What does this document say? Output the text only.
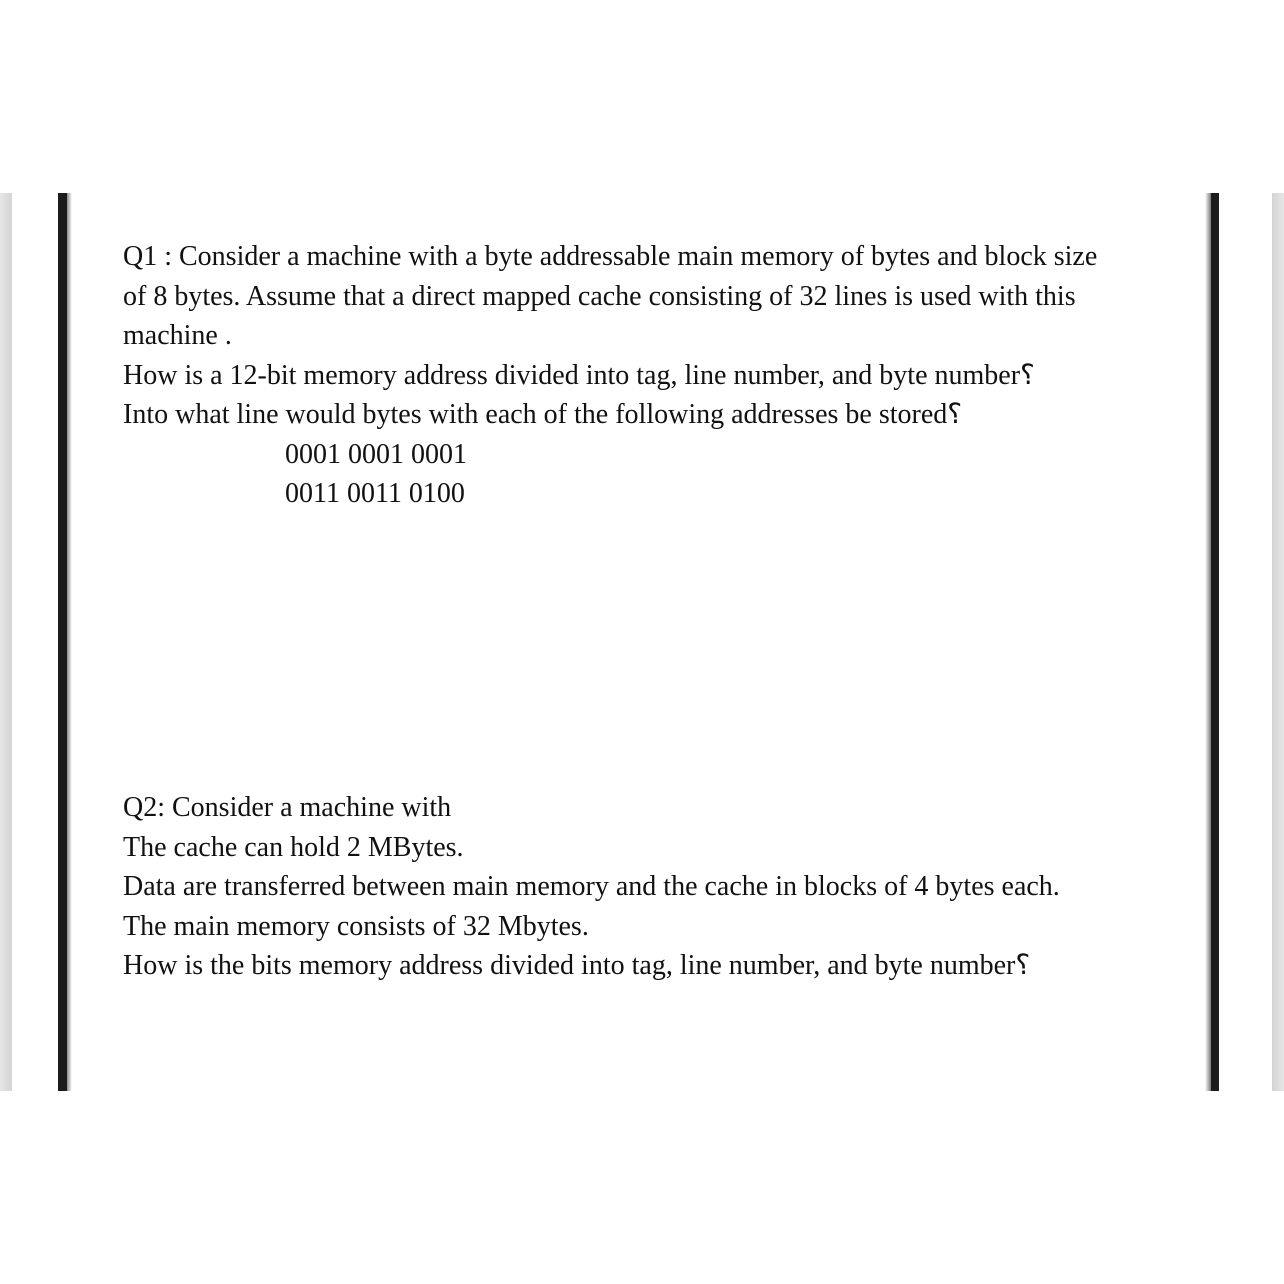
Q1 : Consider a machine with a byte addressable main memory of bytes and block size
of 8 bytes. Assume that a direct mapped cache consisting of 32 lines is used with this
machine .
How is a 12-bit memory address divided into tag, line number, and byte number؟
Into what line would bytes with each of the following addresses be stored؟
0001 0001 0001
0011 0011 0100
Q2: Consider a machine with
The cache can hold 2 MBytes.
Data are transferred between main memory and the cache in blocks of 4 bytes each.
The main memory consists of 32 Mbytes.
How is the bits memory address divided into tag, line number, and byte number؟
